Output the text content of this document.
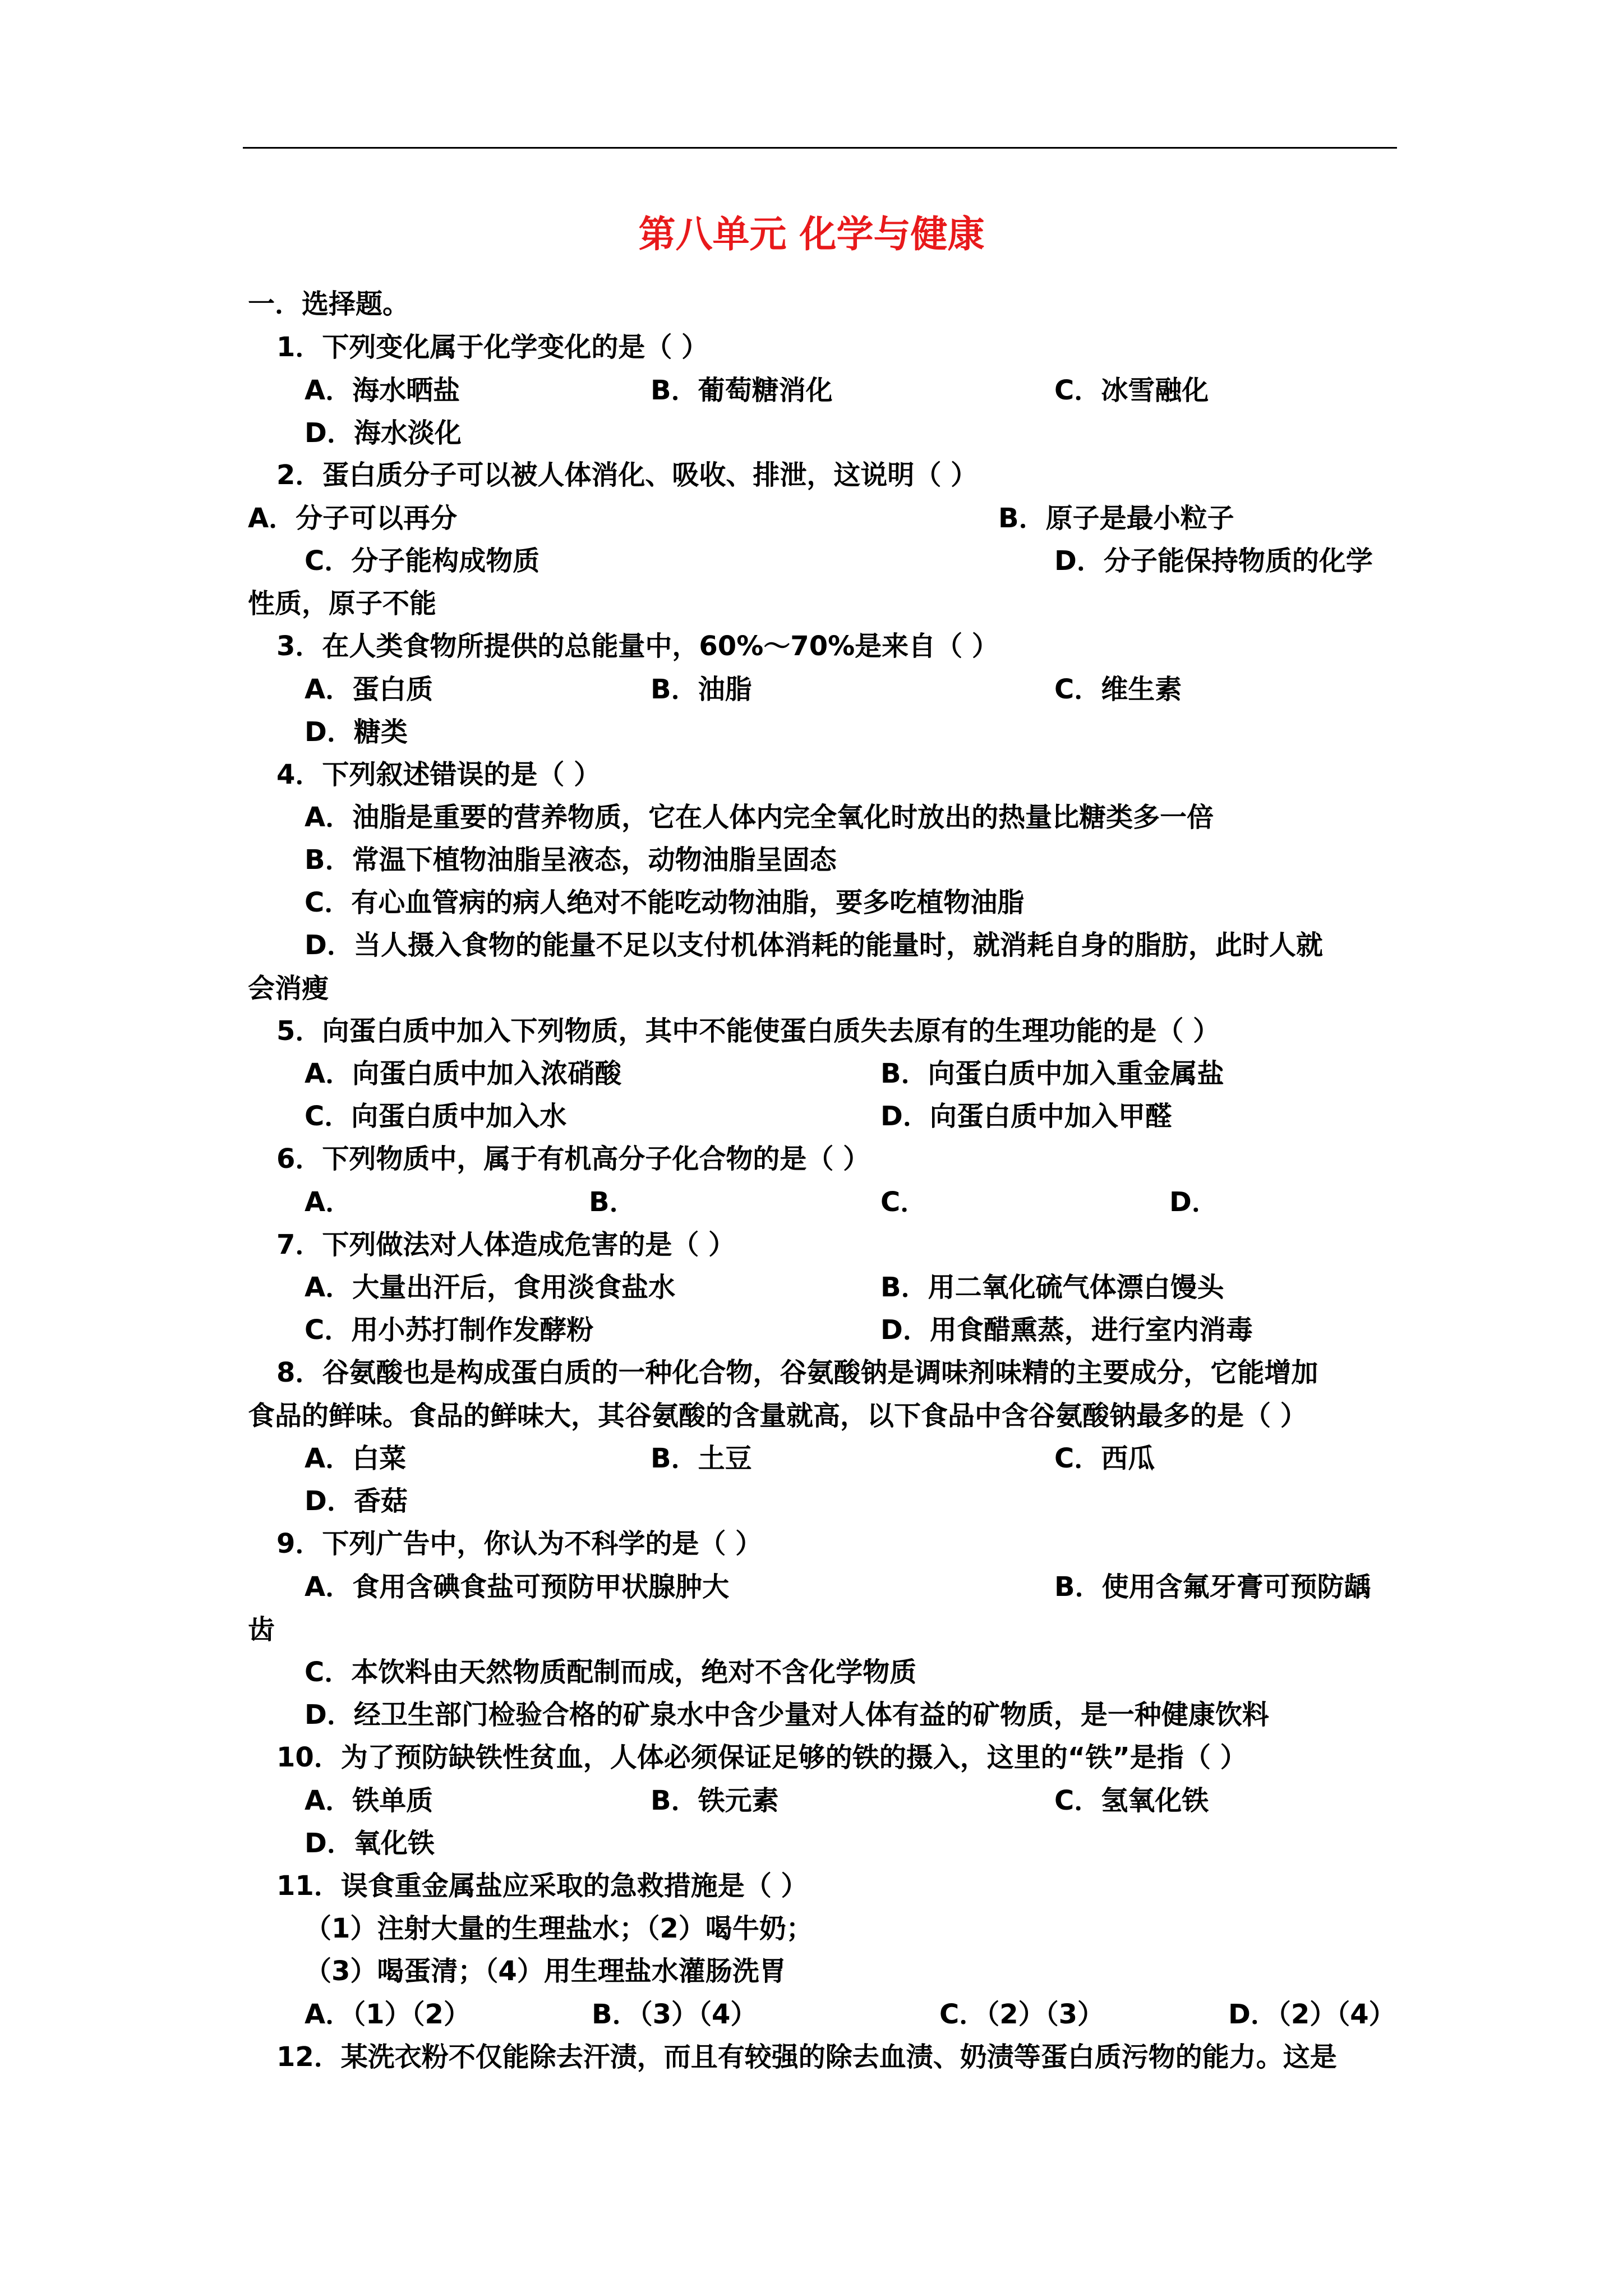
第八单元 化学与健康
一．选择题。
1．下列变化属于化学变化的是（ ）
A．海水晒盐	B．葡萄糖消化	C．冰雪融化
D．海水淡化
2．蛋白质分子可以被人体消化、吸收、排泄，这说明（ ）
A．分子可以再分	B．原子是最小粒子
C．分子能构成物质	D．分子能保持物质的化学
性质，原子不能
3．在人类食物所提供的总能量中，60%～70%是来自（ ）
A．蛋白质	B．油脂	C．维生素
D．糖类
4．下列叙述错误的是（ ）
A．油脂是重要的营养物质，它在人体内完全氧化时放出的热量比糖类多一倍
B．常温下植物油脂呈液态，动物油脂呈固态
C．有心血管病的病人绝对不能吃动物油脂，要多吃植物油脂
D．当人摄入食物的能量不足以支付机体消耗的能量时，就消耗自身的脂肪，此时人就
会消瘦
5．向蛋白质中加入下列物质，其中不能使蛋白质失去原有的生理功能的是（ ）
A．向蛋白质中加入浓硝酸	B．向蛋白质中加入重金属盐
C．向蛋白质中加入水	D．向蛋白质中加入甲醛
6．下列物质中，属于有机高分子化合物的是（ ）
A．	B．	C．	D．
7．下列做法对人体造成危害的是（ ）
A．大量出汗后，食用淡食盐水	B．用二氧化硫气体漂白馒头
C．用小苏打制作发酵粉	D．用食醋熏蒸，进行室内消毒
8．谷氨酸也是构成蛋白质的一种化合物，谷氨酸钠是调味剂味精的主要成分，它能增加
食品的鲜味。食品的鲜味大，其谷氨酸的含量就高，以下食品中含谷氨酸钠最多的是（ ）
A．白菜	B．土豆	C．西瓜
D．香菇
9．下列广告中，你认为不科学的是（ ）
A．食用含碘食盐可预防甲状腺肿大	B．使用含氟牙膏可预防龋
齿
C．本饮料由天然物质配制而成，绝对不含化学物质
D．经卫生部门检验合格的矿泉水中含少量对人体有益的矿物质，是一种健康饮料
10．为了预防缺铁性贫血，人体必须保证足够的铁的摄入，这里的“铁”是指（ ）
A．铁单质	B．铁元素	C．氢氧化铁
D．氧化铁
11．误食重金属盐应采取的急救措施是（ ）
（1）注射大量的生理盐水；（2）喝牛奶；
（3）喝蛋清；（4）用生理盐水灌肠洗胃
A．（1）（2）	B．（3）（4）	C．（2）（3）	D．（2）（4）
12．某洗衣粉不仅能除去汗渍，而且有较强的除去血渍、奶渍等蛋白质污物的能力。这是
